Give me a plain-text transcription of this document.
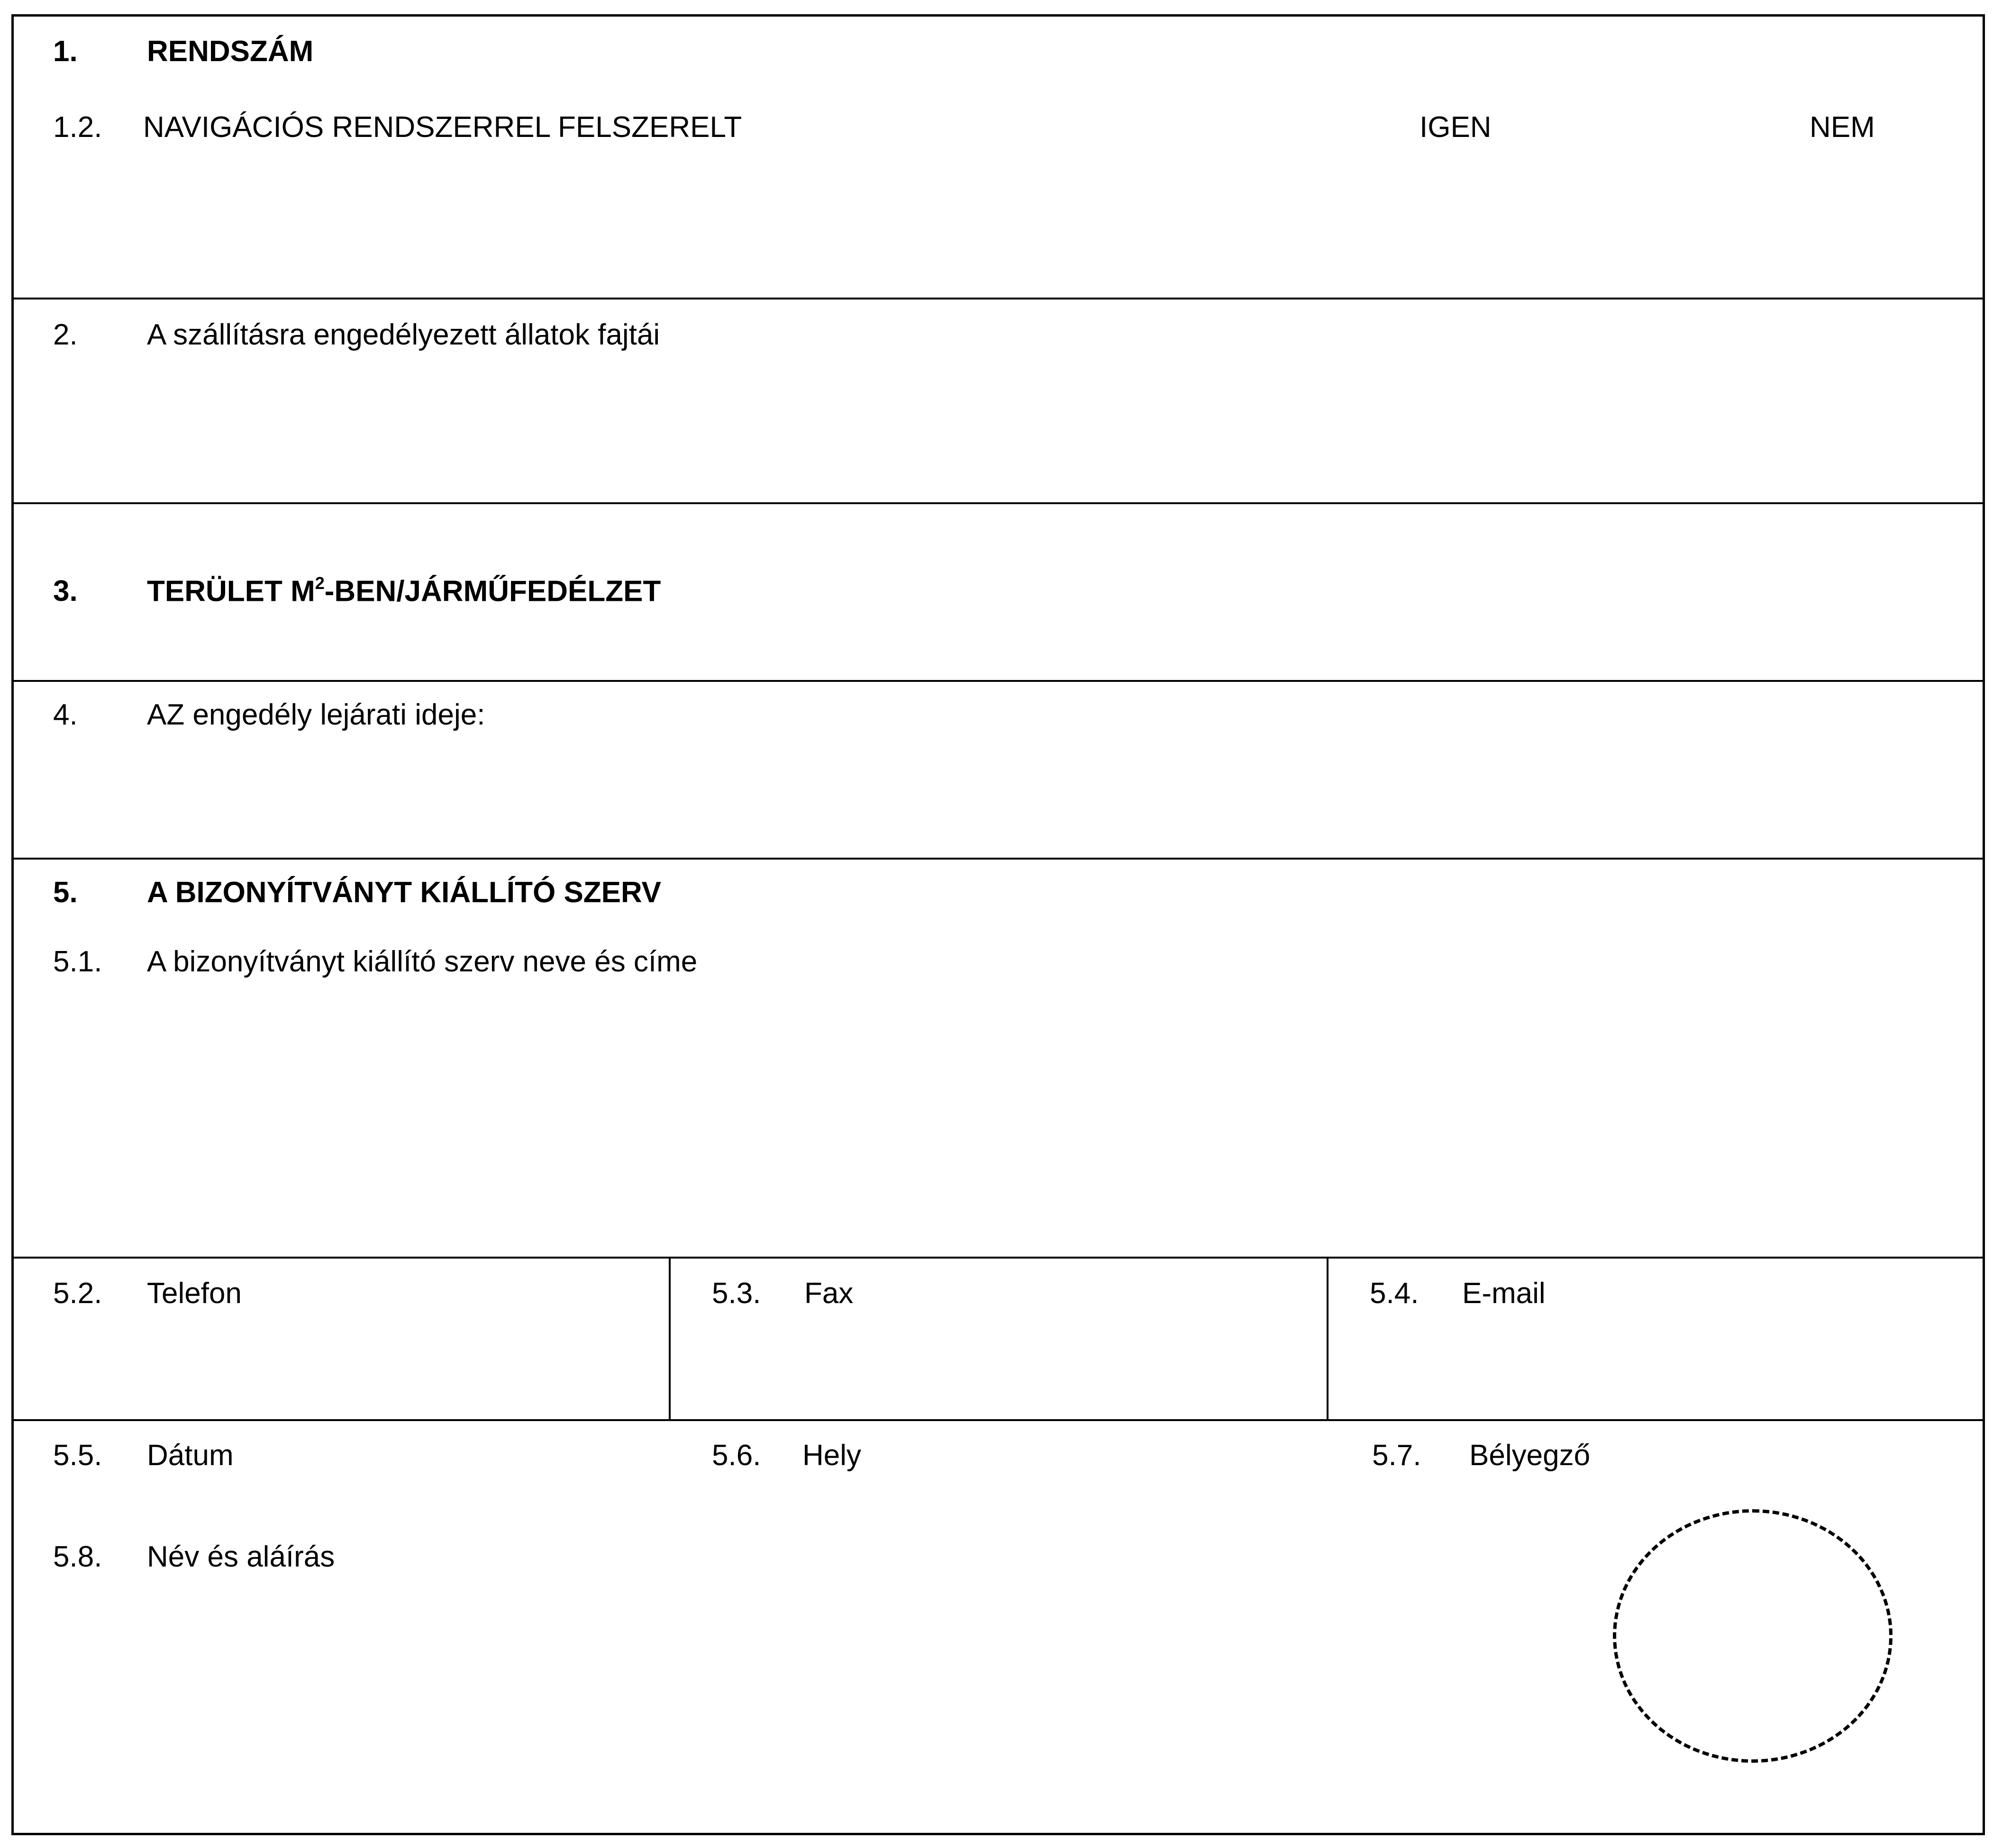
1. RENDSZÁM
1.2. NAVIGÁCIÓS RENDSZERREL FELSZERELT	IGEN	NEM
2. A szállításra engedélyezett állatok fajtái
3. TERÜLET $M^2-BEN$/JÁRMŰFEDÉLZET
4. AZ engedély lejárati ideje:
5. A BIZONYÍTVÁNYT KIÁLLÍTÓ SZERV
5.1. A bizonyítványt kiállító szerv neve és címe
5.2. Telefon	5.3. Fax	5.4. E-mail
5.5. Dátum	5.6. Hely	5.7. Bélyegző
5.8. Név és aláírás
